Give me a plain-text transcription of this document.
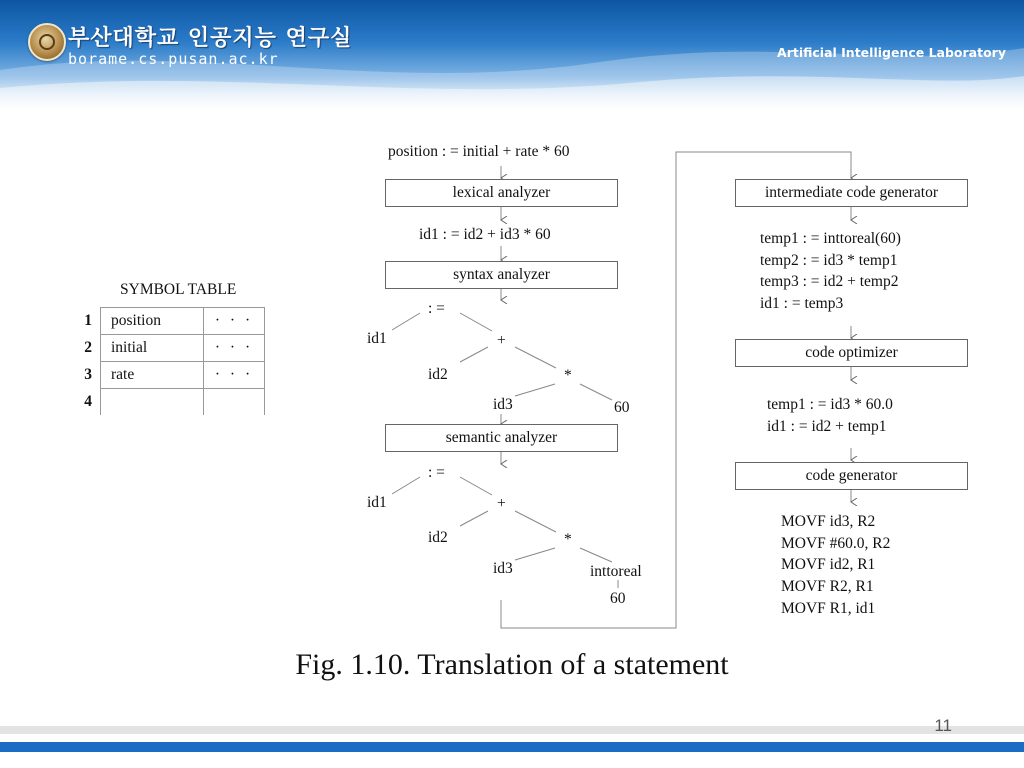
부산대학교 인공지능 연구실
borame.cs.pusan.ac.kr	Artificial Intelligence Laboratory
position : = initial + rate * 60
lexical analyzer
id1 : = id2 + id3 * 60
syntax analyzer
: =
id1	+
id2	*
id3	60
semantic analyzer
: =
id1	+
id2	*
id3	inttoreal
60
intermediate code generator
temp1 : = inttoreal(60)
temp2 : = id3 * temp1
temp3 : = id2 + temp2
id1 : = temp3
code optimizer
temp1 : = id3 * 60.0
id1 : = id2 + temp1
code generator
MOVF id3, R2
MOVF #60.0, R2
MOVF id2, R1
MOVF R2, R1
MOVF R1, id1
SYMBOL TABLE
1	position	· · ·
2	initial	· · ·
3	rate	· · ·
4		
Fig. 1.10. Translation of a statement
11
